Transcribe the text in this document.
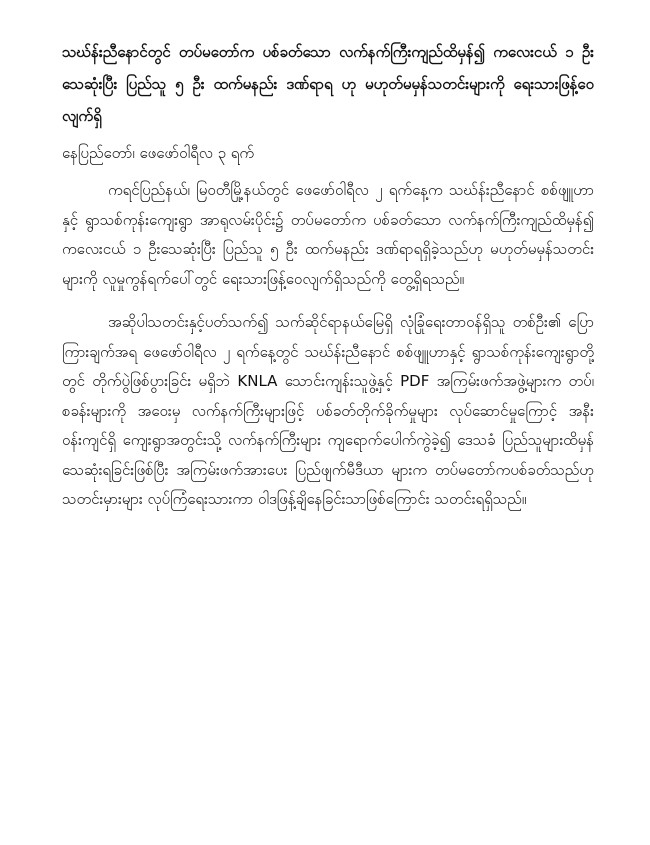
သဃ်န်းညီနောင်တွင် တပ်မတော်က ပစ်ခတ်သော လက်နက်ကြီးကျည်ထိမှန်၍ ကလေးငယ် ၁ ဦး သေဆုံးပြီး ပြည်သူ ၅ ဦး ထက်မနည်း ဒဏ်ရာရ ဟု မဟုတ်မမှန်သတင်းများကို ရေးသားဖြန့်ဝေလျက်ရှိ

နေပြည်တော်၊ ဖေဖော်ဝါရီလ ၃ ရက်

ကရင်ပြည်နယ်၊ မြဝတီမြို့နယ်တွင် ဖေဖော်ဝါရီလ ၂ ရက်နေ့က သဃ်န်းညီနောင် စစ်ဖျူဟာနှင့် ရွာသစ်ကုန်းကျေးရွာ အာရုလမ်းပိုင်း၌ တပ်မတော်က ပစ်ခတ်သော လက်နက်ကြီးကျည်ထိမှန်၍ ကလေးငယ် ၁ ဦးသေဆုံးပြီး ပြည်သူ ၅ ဦး ထက်မနည်း ဒဏ်ရာရရှိခဲ့သည်ဟု မဟုတ်မမှန်သတင်းများကို လူမှုကွန်ရက်ပေါ်တွင် ရေးသားဖြန့်ဝေလျက်ရှိသည်ကို တွေ့ရှိရသည်။

အဆိုပါသတင်းနှင့်ပတ်သက်၍ သက်ဆိုင်ရာနယ်မြေရှိ လုံခြုံရေးတာဝန်ရှိသူ တစ်ဦး၏ ပြောကြားချက်အရ ဖေဖော်ဝါရီလ ၂ ရက်နေ့တွင် သဃ်န်းညီနောင် စစ်ဖျူဟာနှင့် ရွာသစ်ကုန်းကျေးရွာတို့တွင် တိုက်ပွဲဖြစ်ပွားခြင်း မရှိဘဲ KNLA သောင်းကျန်းသူဖွဲ့နှင့် PDF အကြမ်းဖက်အဖွဲ့များက တပ်၊ စခန်းများကို အဝေးမှ လက်နက်ကြီးများဖြင့် ပစ်ခတ်တိုက်ခိုက်မှုများ လုပ်ဆောင်မှုကြောင့် အနီးဝန်းကျင်ရှိ ကျေးရွာအတွင်းသို့ လက်နက်ကြီးများ ကျရောက်ပေါက်ကွဲခဲ့၍ ဒေသခံ ပြည်သူများထိမှန် သေဆုံးရခြင်းဖြစ်ပြီး အကြမ်းဖက်အားပေး ပြည်ဖျက်မီဒီယာ များက တပ်မတော်ကပစ်ခတ်သည်ဟု သတင်းမှားများ လုပ်ကြံရေးသားကာ ဝါဒဖြန့်ချိနေခြင်းသာဖြစ်ကြောင်း သတင်းရရှိသည်။
